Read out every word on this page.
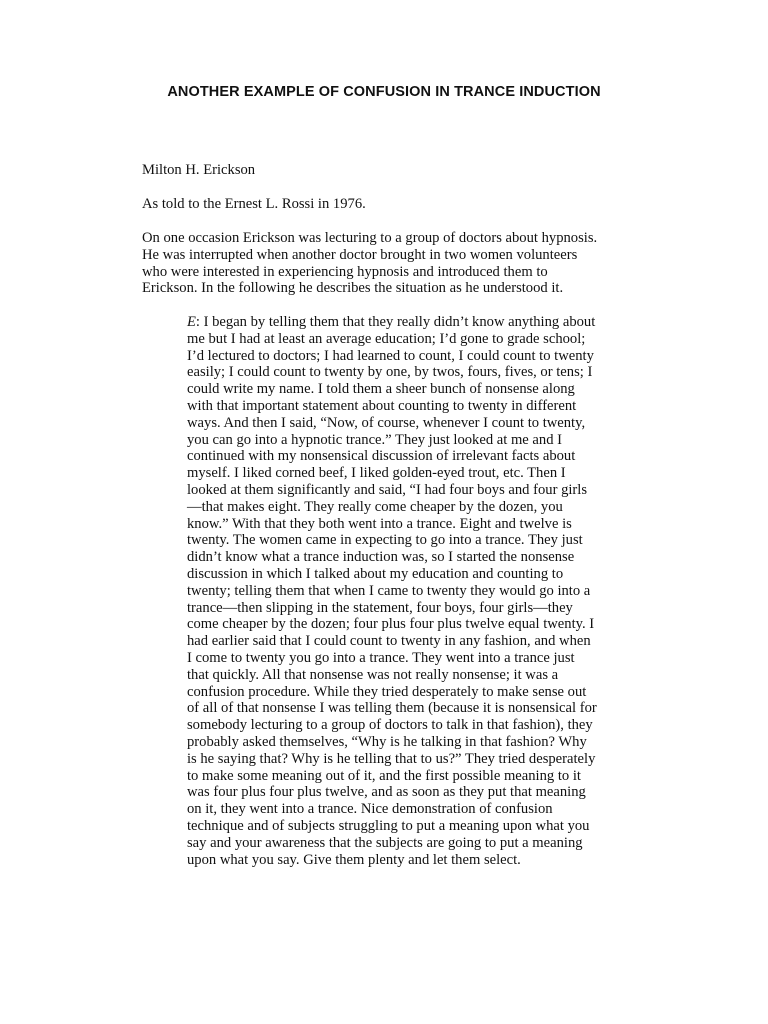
ANOTHER EXAMPLE OF CONFUSION IN TRANCE INDUCTION
Milton H. Erickson
As told to the Ernest L. Rossi in 1976.
On one occasion Erickson was lecturing to a group of doctors about hypnosis.
He was interrupted when another doctor brought in two women volunteers
who were interested in experiencing hypnosis and introduced them to
Erickson. In the following he describes the situation as he understood it.
E: I began by telling them that they really didn’t know anything about
me but I had at least an average education; I’d gone to grade school;
I’d lectured to doctors; I had learned to count, I could count to twenty
easily; I could count to twenty by one, by twos, fours, fives, or tens; I
could write my name. I told them a sheer bunch of nonsense along
with that important statement about counting to twenty in different
ways. And then I said, “Now, of course, whenever I count to twenty,
you can go into a hypnotic trance.” They just looked at me and I
continued with my nonsensical discussion of irrelevant facts about
myself. I liked corned beef, I liked golden-eyed trout, etc. Then I
looked at them significantly and said, “I had four boys and four girls
—that makes eight. They really come cheaper by the dozen, you
know.” With that they both went into a trance. Eight and twelve is
twenty. The women came in expecting to go into a trance. They just
didn’t know what a trance induction was, so I started the nonsense
discussion in which I talked about my education and counting to
twenty; telling them that when I came to twenty they would go into a
trance—then slipping in the statement, four boys, four girls—they
come cheaper by the dozen; four plus four plus twelve equal twenty. I
had earlier said that I could count to twenty in any fashion, and when
I come to twenty you go into a trance. They went into a trance just
that quickly. All that nonsense was not really nonsense; it was a
confusion procedure. While they tried desperately to make sense out
of all of that nonsense I was telling them (because it is nonsensical for
somebody lecturing to a group of doctors to talk in that fashion), they
probably asked themselves, “Why is he talking in that fashion? Why
is he saying that? Why is he telling that to us?” They tried desperately
to make some meaning out of it, and the first possible meaning to it
was four plus four plus twelve, and as soon as they put that meaning
on it, they went into a trance. Nice demonstration of confusion
technique and of subjects struggling to put a meaning upon what you
say and your awareness that the subjects are going to put a meaning
upon what you say. Give them plenty and let them select.
